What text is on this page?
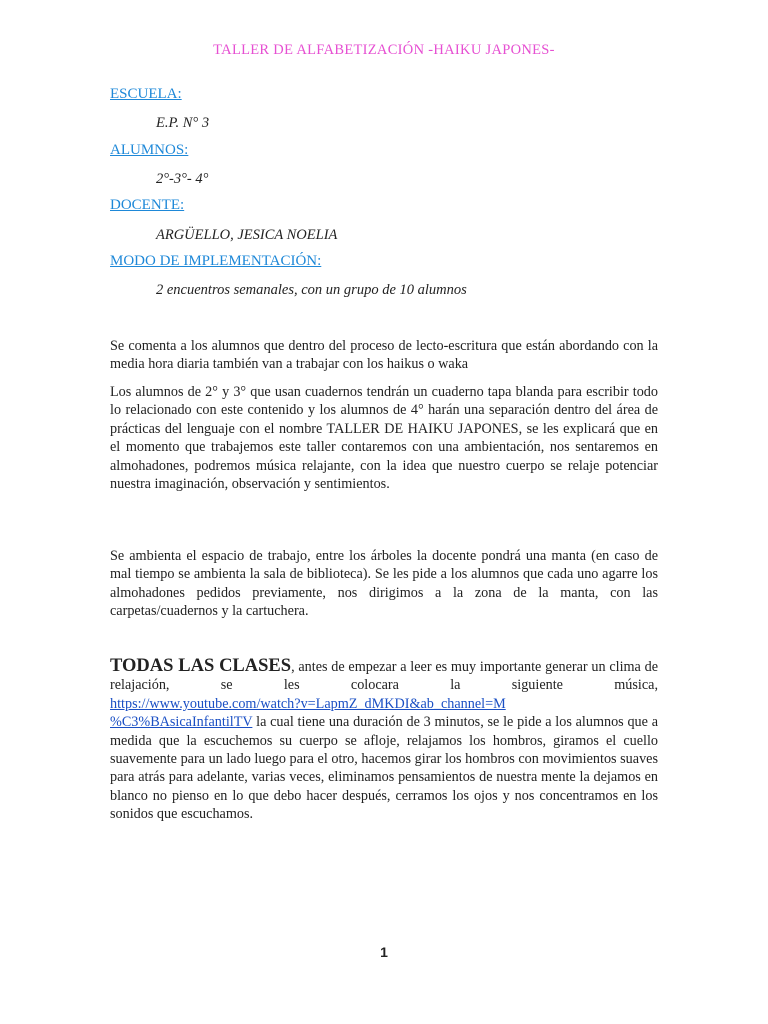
TALLER DE ALFABETIZACIÓN -HAIKU JAPONES-
ESCUELA:
E.P. N° 3
ALUMNOS:
2°-3°- 4°
DOCENTE:
ARGÜELLO, JESICA NOELIA
MODO DE IMPLEMENTACIÓN:
2 encuentros semanales, con un grupo de 10 alumnos

Se comenta a los alumnos que dentro del proceso de lecto-escritura que están abordando con la media hora diaria también van a trabajar con los haikus o waka

Los alumnos de 2° y 3° que usan cuadernos tendrán un cuaderno tapa blanda para escribir todo lo relacionado con este contenido y los alumnos de 4° harán una separación dentro del área de prácticas del lenguaje con el nombre TALLER DE HAIKU JAPONES, se les explicará que en el momento que trabajemos este taller contaremos con una ambientación, nos sentaremos en almohadones, podremos música relajante, con la idea que nuestro cuerpo se relaje potenciar nuestra imaginación, observación y sentimientos.

Se ambienta el espacio de trabajo, entre los árboles la docente pondrá una manta (en caso de mal tiempo se ambienta la sala de biblioteca). Se les pide a los alumnos que cada uno agarre los almohadones pedidos previamente, nos dirigimos a la zona de la manta, con las carpetas/cuadernos y la cartuchera.

TODAS LAS CLASES, antes de empezar a leer es muy importante generar un clima de relajación, se les colocara la siguiente música,
https://www.youtube.com/watch?v=LapmZ_dMKDI&ab_channel=M
%C3%BAsicaInfantilTV la cual tiene una duración de 3 minutos, se le pide a los alumnos que a medida que la escuchemos su cuerpo se afloje, relajamos los hombros, giramos el cuello suavemente para un lado luego para el otro, hacemos girar los hombros con movimientos suaves para atrás para adelante, varias veces, eliminamos pensamientos de nuestra mente la dejamos en blanco no pienso en lo que debo hacer después, cerramos los ojos y nos concentramos en los sonidos que escuchamos.
1
